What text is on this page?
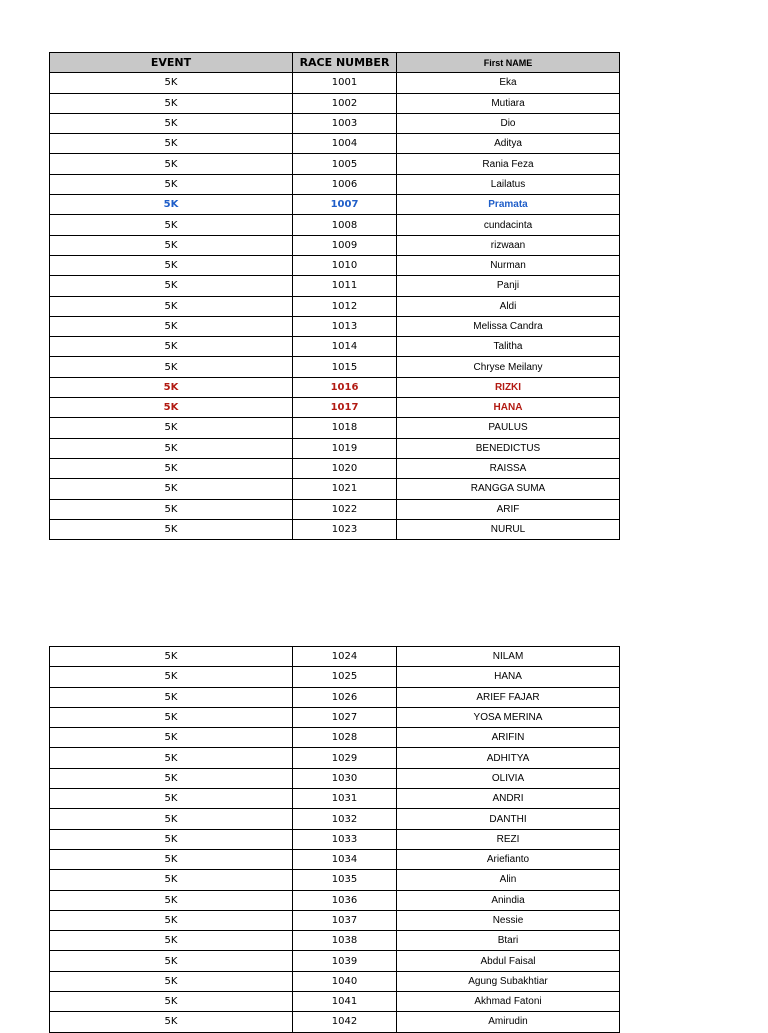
EVENT	RACE NUMBER	First NAME
5K	1001	Eka
5K	1002	Mutiara
5K	1003	Dio
5K	1004	Aditya
5K	1005	Rania Feza
5K	1006	Lailatus
5K	1007	Pramata
5K	1008	cundacinta
5K	1009	rizwaan
5K	1010	Nurman
5K	1011	Panji
5K	1012	Aldi
5K	1013	Melissa Candra
5K	1014	Talitha
5K	1015	Chryse Meilany
5K	1016	RIZKI
5K	1017	HANA
5K	1018	PAULUS
5K	1019	BENEDICTUS
5K	1020	RAISSA
5K	1021	RANGGA SUMA
5K	1022	ARIF
5K	1023	NURUL
5K	1024	NILAM
5K	1025	HANA
5K	1026	ARIEF FAJAR
5K	1027	YOSA MERINA
5K	1028	ARIFIN
5K	1029	ADHITYA
5K	1030	OLIVIA
5K	1031	ANDRI
5K	1032	DANTHI
5K	1033	REZI
5K	1034	Ariefianto
5K	1035	Alin
5K	1036	Anindia
5K	1037	Nessie
5K	1038	Btari
5K	1039	Abdul Faisal
5K	1040	Agung Subakhtiar
5K	1041	Akhmad Fatoni
5K	1042	Amirudin
